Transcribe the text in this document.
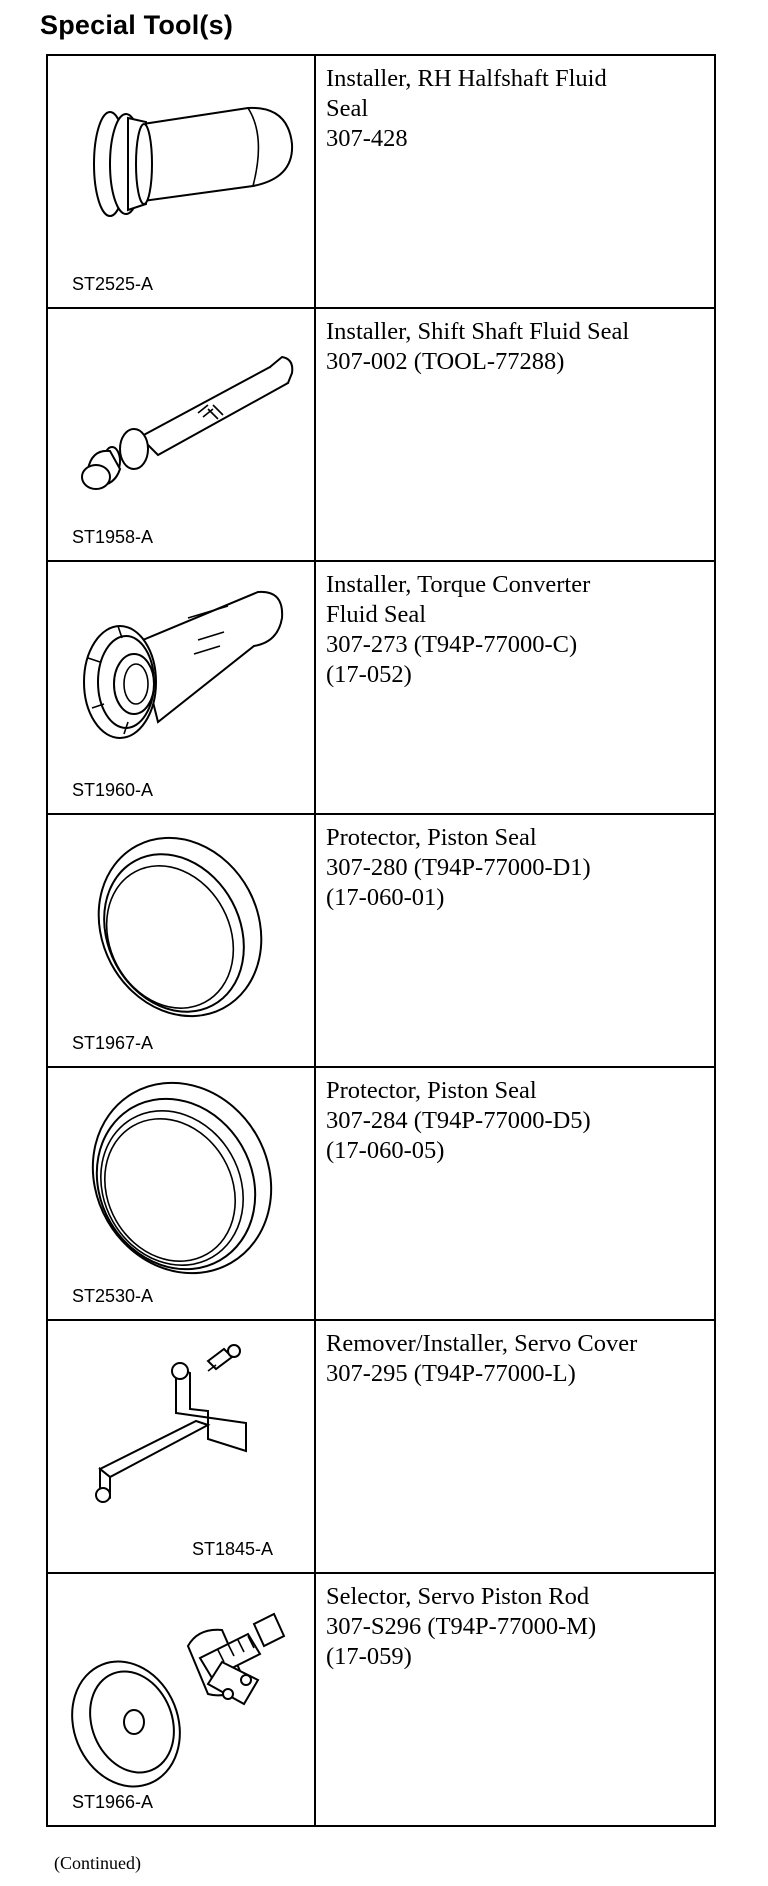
Special Tool(s)
ST2525-A	Installer, RH Halfshaft Fluid
Seal
307-428

ST1958-A	Installer, Shift Shaft Fluid Seal
307-002 (TOOL-77288)

ST1960-A	Installer, Torque Converter
Fluid Seal
307-273 (T94P-77000-C)
(17-052)

ST1967-A	Protector, Piston Seal
307-280 (T94P-77000-D1)
(17-060-01)

ST2530-A	Protector, Piston Seal
307-284 (T94P-77000-D5)
(17-060-05)

ST1845-A	Remover/Installer, Servo Cover
307-295 (T94P-77000-L)

ST1966-A	Selector, Servo Piston Rod
307-S296 (T94P-77000-M)
(17-059)
(Continued)
